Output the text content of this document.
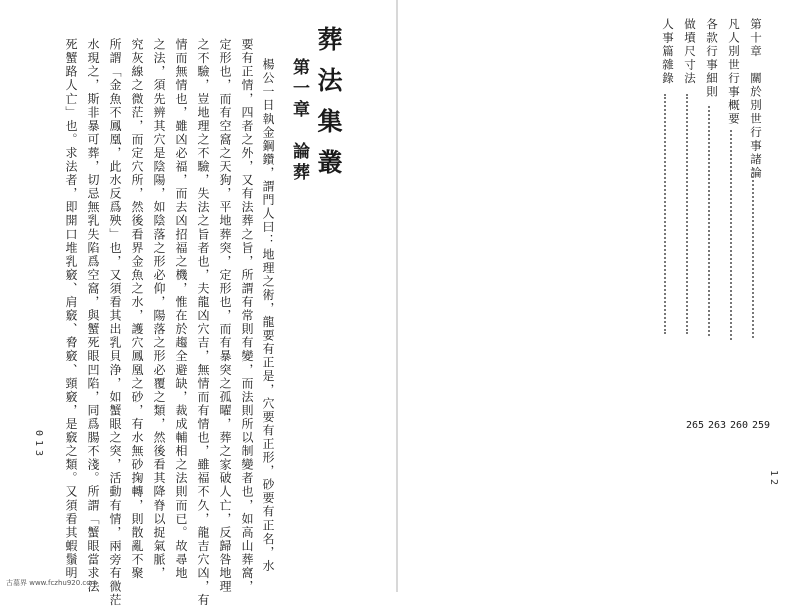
葬法集叢
第一章　論葬
楊公一日執金鋼鑽，謂門人曰：地理之術，龍要有正是，穴要有正形，砂要有正名，水
要有正情，四者之外，又有法葬之旨，所謂有常則有變，而法則所以制變者也，如高山葬窩，
定形也，而有空窩之天狗，平地葬突，定形也，而有暴突之孤曜，葬之家破人亡，反歸咎地理
之不驗，豈地理之不驗，失法之旨者也，夫龍凶穴吉，無情而有情也，雖福不久，龍吉穴凶，有
情而無情也，雖凶必福，而去凶招福之機，惟在於趨全避缺，裁成輔相之法則而已。故尋地
之法，須先辨其穴是陰陽，如陰落之形必仰，陽落之形必覆之類，然後看其降脊以捉氣脈，
究灰線之微茫，而定穴所，然後看界金魚之水，護穴鳳凰之砂，有水無砂掬轉，則散亂不聚
所謂「金魚不鳳凰，此水反爲殃」也，又須看其出乳貝浄，如蟹眼之突，活動有情，兩旁有微茫
水現之，斯非暴可葬，切忌無乳失陷爲空窩，與蟹死眼凹陷，同爲腸不淺。所謂「蟹眼當求法
死蟹路人亡」也。求法者，即開口堆乳竅、肩竅、脅竅、頸竅，是竅之類。又須看其蝦鬚明
013
第十章　關於別世行事諸論
凡人別世行事概要
各款行事細則
做墳尺寸法
人事篇雜錄
259
260
263
265
12
古墓界 www.fczhu920.com
